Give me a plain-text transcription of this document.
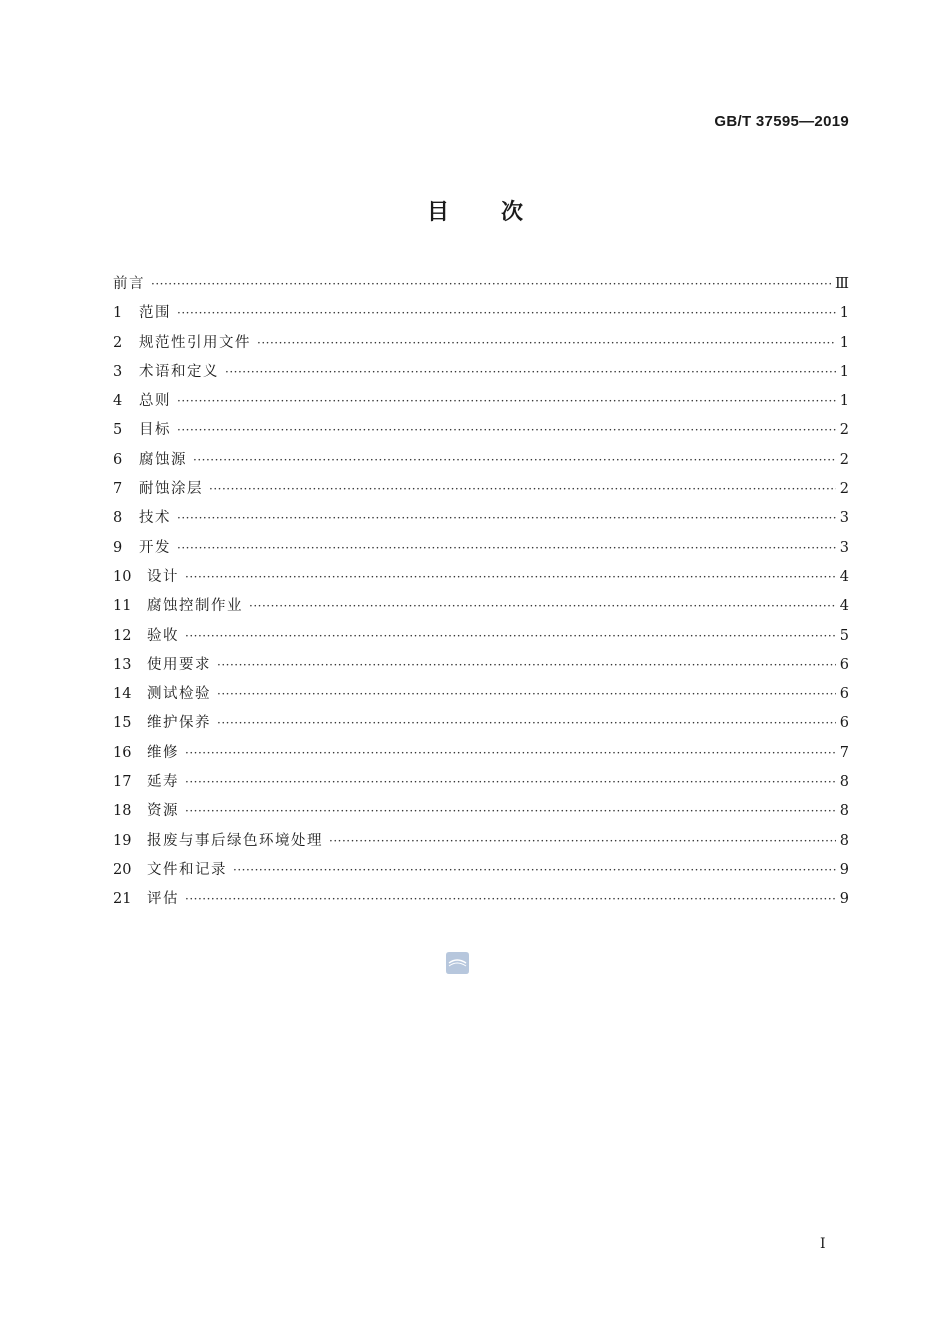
GB/T 37595—2019
目次
前言 ·····	Ⅲ
1	范围 ·····	1
2	规范性引用文件 ·····	1
3	术语和定义 ·····	1
4	总则 ·····	1
5	目标 ·····	2
6	腐蚀源 ·····	2
7	耐蚀涂层 ·····	2
8	技术 ·····	3
9	开发 ·····	3
10	设计 ·····	4
11	腐蚀控制作业 ·····	4
12	验收 ·····	5
13	使用要求 ·····	6
14	测试检验 ·····	6
15	维护保养 ·····	6
16	维修 ·····	7
17	延寿 ·····	8
18	资源 ·····	8
19	报废与事后绿色环境处理 ·····	8
20	文件和记录 ·····	9
21	评估 ·····	9
I
